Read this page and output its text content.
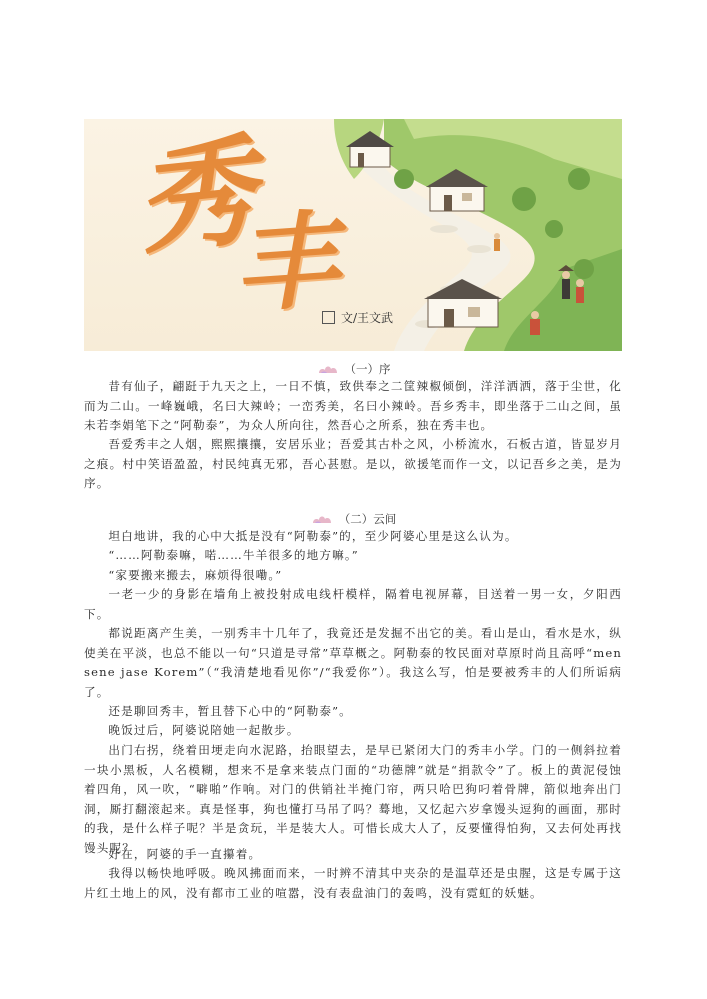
秀
丰
文/王文武
（一）序

昔有仙子，翩跹于九天之上，一日不慎，致供奉之二筐辣椒倾倒，洋洋洒洒，落于尘世，化而为二山。一峰巍峨，名曰大辣岭；一峦秀美，名曰小辣岭。吾乡秀丰，即坐落于二山之间，虽未若李娟笔下之“阿勒泰”，为众人所向往，然吾心之所系，独在秀丰也。

吾爱秀丰之人烟，熙熙攘攘，安居乐业；吾爱其古朴之风，小桥流水，石板古道，皆显岁月之痕。村中笑语盈盈，村民纯真无邪，吾心甚慰。是以，欲援笔而作一文，以记吾乡之美，是为序。

（二）云间

坦白地讲，我的心中大抵是没有“阿勒泰”的，至少阿婆心里是这么认为。

“……阿勒泰嘛，喏……牛羊很多的地方嘛。”

“家要搬来搬去，麻烦得很嘞。”

一老一少的身影在墙角上被投射成电线杆模样，隔着电视屏幕，目送着一男一女，夕阳西下。

都说距离产生美，一别秀丰十几年了，我竟还是发掘不出它的美。看山是山，看水是水，纵使美在平淡，也总不能以一句“只道是寻常”草草概之。阿勒泰的牧民面对草原时尚且高呼“men sene jase Korem”（“我清楚地看见你”/“我爱你”）。我这么写，怕是要被秀丰的人们所诟病了。

还是聊回秀丰，暂且替下心中的“阿勒泰”。

晚饭过后，阿婆说陪她一起散步。

出门右拐，绕着田埂走向水泥路，抬眼望去，是早已紧闭大门的秀丰小学。门的一侧斜拉着一块小黑板，人名模糊，想来不是拿来装点门面的“功德牌”就是“捐款令”了。板上的黄泥侵蚀着四角，风一吹，“噼啪”作响。对门的供销社半掩门帘，两只哈巴狗叼着骨牌，箭似地奔出门洞，厮打翻滚起来。真是怪事，狗也懂打马吊了吗？蓦地，又忆起六岁拿馒头逗狗的画面，那时的我，是什么样子呢？半是贪玩，半是装大人。可惜长成大人了，反要懂得怕狗，又去何处再找馒头呢？

好在，阿婆的手一直攥着。

我得以畅快地呼吸。晚风拂面而来，一时辨不清其中夹杂的是温草还是虫腥，这是专属于这片红土地上的风，没有都市工业的喧嚣，没有表盘油门的轰鸣，没有霓虹的妖魅。
